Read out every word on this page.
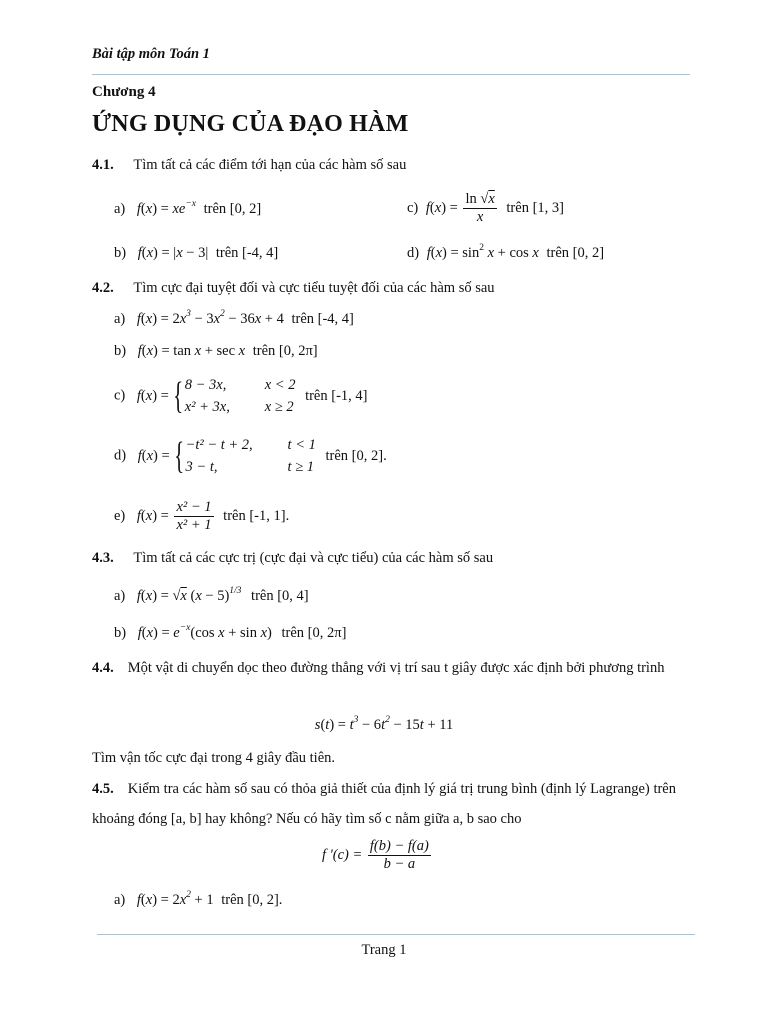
Bài tập môn Toán 1
Chương 4
ỨNG DỤNG CỦA ĐẠO HÀM
4.1. Tìm tất cả các điểm tới hạn của các hàm số sau
a) $f(x) = xe^{-x}$ trên [0, 2]	c) $f(x) = \frac{\ln √x}{x}$ trên [1, 3]
b) f(x) = |x − 3| trên [-4, 4]	d) $f(x) = \sin^2 x + \cos x$ trên [0, 2]
4.2. Tìm cực đại tuyệt đối và cực tiểu tuyệt đối của các hàm số sau
a) $f(x) = 2x^3 - 3x^2 - 36x + 4$ trên [-4, 4]
b) f(x) = tan x + sec x trên [0, 2π]
c) f(x) = { 8 − 3x,	x < 2
x² + 3x, x ≥ 2
trên [-1, 4]
d) f(x) = { −t² − t + 2, t < 1
3 − t,	t ≥ 1
trên [0, 2].
e) $f(x) = \frac{\text{x² − 1}}{\text{x² + 1}}$ trên [-1, 1].
4.3. Tìm tất cả các cực trị (cực đại và cực tiểu) của các hàm số sau
a) f(x) = √x $(x - 5)^{1/3}$ trên [0, 4]
b) $f(x) = e^{-x}(\cos$ x + sin x) trên [0, 2π]
4.4. Một vật di chuyển dọc theo đường thẳng với vị trí sau t giây được xác định bởi phương trình
$s(t) = t^3 - 6t^2 - 15t + 11$
Tìm vận tốc cực đại trong 4 giây đầu tiên.
4.5. Kiểm tra các hàm số sau có thỏa giả thiết của định lý giá trị trung bình (định lý Lagrange) trên khoảng đóng [a, b] hay không? Nếu có hãy tìm số c nằm giữa a, b sao cho
f '$(c) = \frac{f(b) - f(a)}{b - a}$
a) $f(x) = 2x^2 + 1$ trên [0, 2].
Trang 1
